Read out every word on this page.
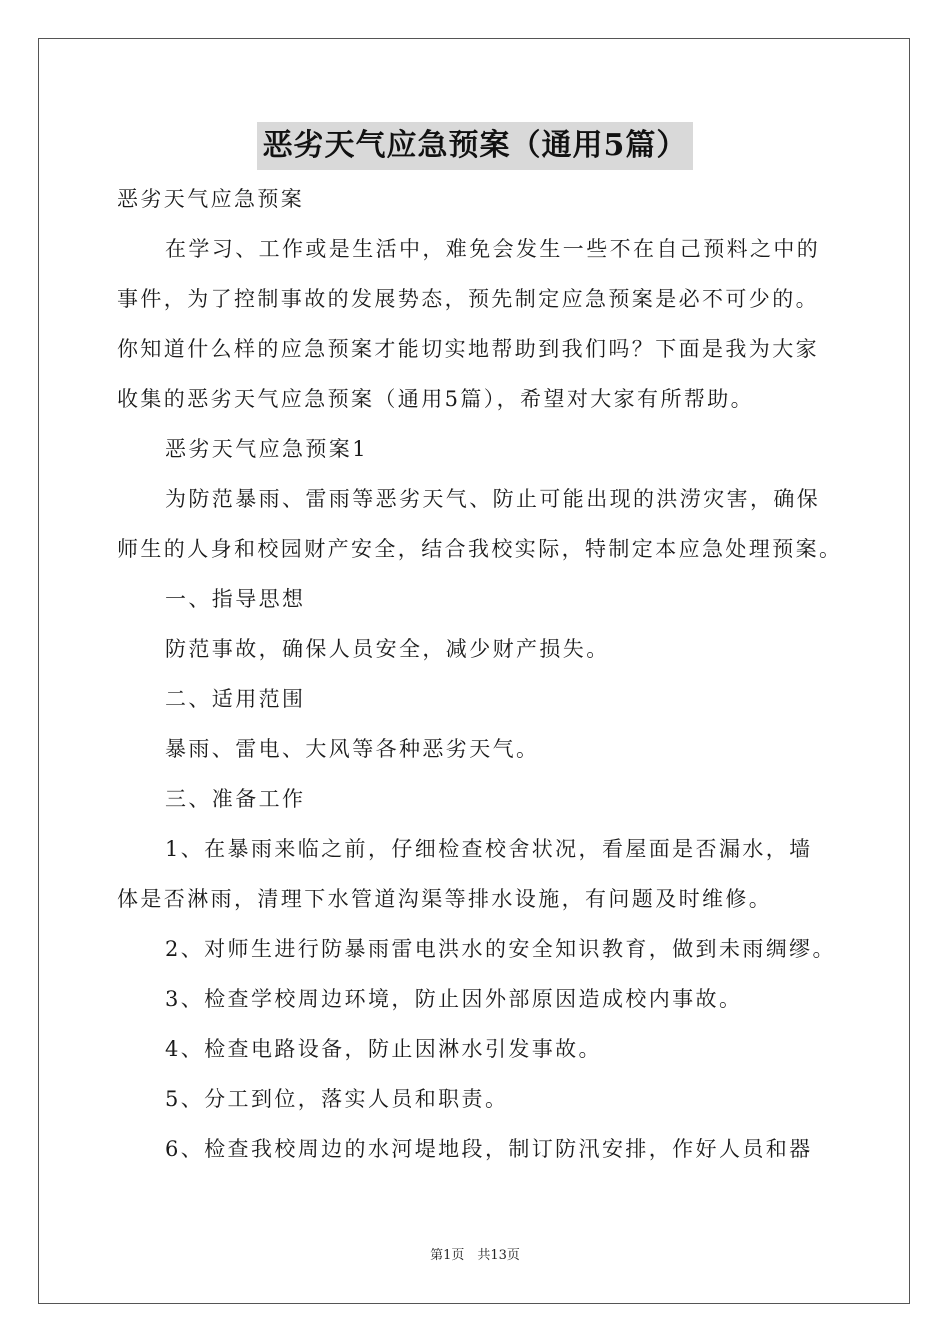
恶劣天气应急预案（通用5篇）

恶劣天气应急预案

在学习、工作或是生活中，难免会发生一些不在自己预料之中的

事件，为了控制事故的发展势态，预先制定应急预案是必不可少的。

你知道什么样的应急预案才能切实地帮助到我们吗？下面是我为大家

收集的恶劣天气应急预案（通用5篇），希望对大家有所帮助。

恶劣天气应急预案1

为防范暴雨、雷雨等恶劣天气、防止可能出现的洪涝灾害，确保

师生的人身和校园财产安全，结合我校实际，特制定本应急处理预案。

一、指导思想

防范事故，确保人员安全，减少财产损失。

二、适用范围

暴雨、雷电、大风等各种恶劣天气。

三、准备工作

1、在暴雨来临之前，仔细检查校舍状况，看屋面是否漏水，墙

体是否淋雨，清理下水管道沟渠等排水设施，有问题及时维修。

2、对师生进行防暴雨雷电洪水的安全知识教育，做到未雨绸缪。

3、检查学校周边环境，防止因外部原因造成校内事故。

4、检查电路设备，防止因淋水引发事故。

5、分工到位，落实人员和职责。

6、检查我校周边的水河堤地段，制订防汛安排，作好人员和器

第1页　共13页
